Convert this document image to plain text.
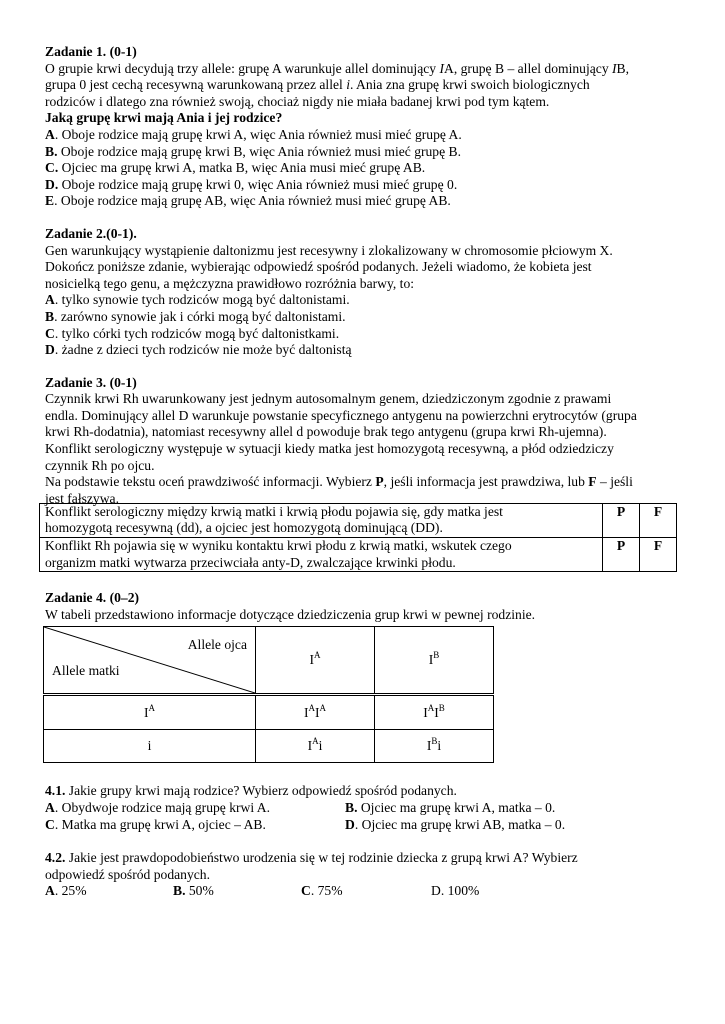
Zadanie 1. (0-1)

O grupie krwi decydują trzy allele: grupę A warunkuje allel dominujący IA, grupę B – allel dominujący IB,

grupa 0 jest cechą recesywną warunkowaną przez allel i. Ania zna grupę krwi swoich biologicznych

rodziców i dlatego zna również swoją, chociaż nigdy nie miała badanej krwi pod tym kątem.

Jaką grupę krwi mają Ania i jej rodzice?

A. Oboje rodzice mają grupę krwi A, więc Ania również musi mieć grupę A.

B. Oboje rodzice mają grupę krwi B, więc Ania również musi mieć grupę B.

C. Ojciec ma grupę krwi A, matka B, więc Ania musi mieć grupę AB.

D. Oboje rodzice mają grupę krwi 0, więc Ania również musi mieć grupę 0.

E. Oboje rodzice mają grupę AB, więc Ania również musi mieć grupę AB.

Zadanie 2.(0-1).

Gen warunkujący wystąpienie daltonizmu jest recesywny i zlokalizowany w chromosomie płciowym X.

Dokończ poniższe zdanie, wybierając odpowiedź spośród podanych. Jeżeli wiadomo, że kobieta jest

nosicielką tego genu, a mężczyzna prawidłowo rozróżnia barwy, to:

A. tylko synowie tych rodziców mogą być daltonistami.

B. zarówno synowie jak i córki mogą być daltonistami.

C. tylko córki tych rodziców mogą być daltonistkami.

D. żadne z dzieci tych rodziców nie może być daltonistą

Zadanie 3. (0-1)

Czynnik krwi Rh uwarunkowany jest jednym autosomalnym genem, dziedziczonym zgodnie z prawami

endla. Dominujący allel D warunkuje powstanie specyficznego antygenu na powierzchni erytrocytów (grupa

krwi Rh-dodatnia), natomiast recesywny allel d powoduje brak tego antygenu (grupa krwi Rh-ujemna).

Konflikt serologiczny występuje w sytuacji kiedy matka jest homozygotą recesywną, a płód odziedziczy

czynnik Rh po ojcu.

Na podstawie tekstu oceń prawdziwość informacji. Wybierz P, jeśli informacja jest prawdziwa, lub F – jeśli

jest fałszywa.

Konflikt serologiczny między krwią matki i krwią płodu pojawia się, gdy matka jest
homozygotą recesywną (dd), a ojciec jest homozygotą dominującą (DD).	P	F

Konflikt Rh pojawia się w wyniku kontaktu krwi płodu z krwią matki, wskutek czego
organizm matki wytwarza przeciwciała anty-D, zwalczające krwinki płodu.	P	F

Zadanie 4. (0–2)

W tabeli przedstawiono informacje dotyczące dziedziczenia grup krwi w pewnej rodzinie.

Allele ojca
Allele matki	$I^A$	$I^B$
$I^A$	$I^AI^A$	$I^AI^B$
i	$I^Ai$	$I^Bi$

4.1. Jakie grupy krwi mają rodzice? Wybierz odpowiedź spośród podanych.

A. Obydwoje rodzice mają grupę krwi A.	B. Ojciec ma grupę krwi A, matka – 0.
C. Matka ma grupę krwi A, ojciec – AB.	D. Ojciec ma grupę krwi AB, matka – 0.

4.2. Jakie jest prawdopodobieństwo urodzenia się w tej rodzinie dziecka z grupą krwi A? Wybierz

odpowiedź spośród podanych.

A. 25%	B. 50%	C. 75%	D. 100%
